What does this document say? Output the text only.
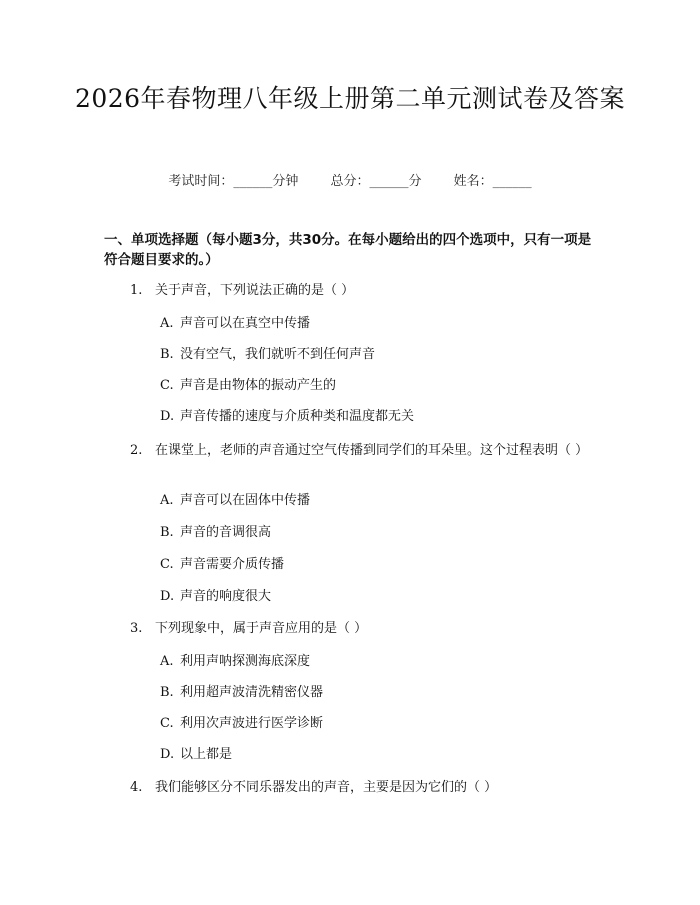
2026年春物理八年级上册第二单元测试卷及答案
考试时间：______分钟 总分：______分 姓名：______
一、单项选择题（每小题3分，共30分。在每小题给出的四个选项中，只有一项是符合题目要求的。）
1. 关于声音，下列说法正确的是（ ）
A. 声音可以在真空中传播
B. 没有空气，我们就听不到任何声音
C. 声音是由物体的振动产生的
D. 声音传播的速度与介质种类和温度都无关
2. 在课堂上，老师的声音通过空气传播到同学们的耳朵里。这个过程表明（ ）
A. 声音可以在固体中传播
B. 声音的音调很高
C. 声音需要介质传播
D. 声音的响度很大
3. 下列现象中，属于声音应用的是（ ）
A. 利用声呐探测海底深度
B. 利用超声波清洗精密仪器
C. 利用次声波进行医学诊断
D. 以上都是
4. 我们能够区分不同乐器发出的声音，主要是因为它们的（ ）
